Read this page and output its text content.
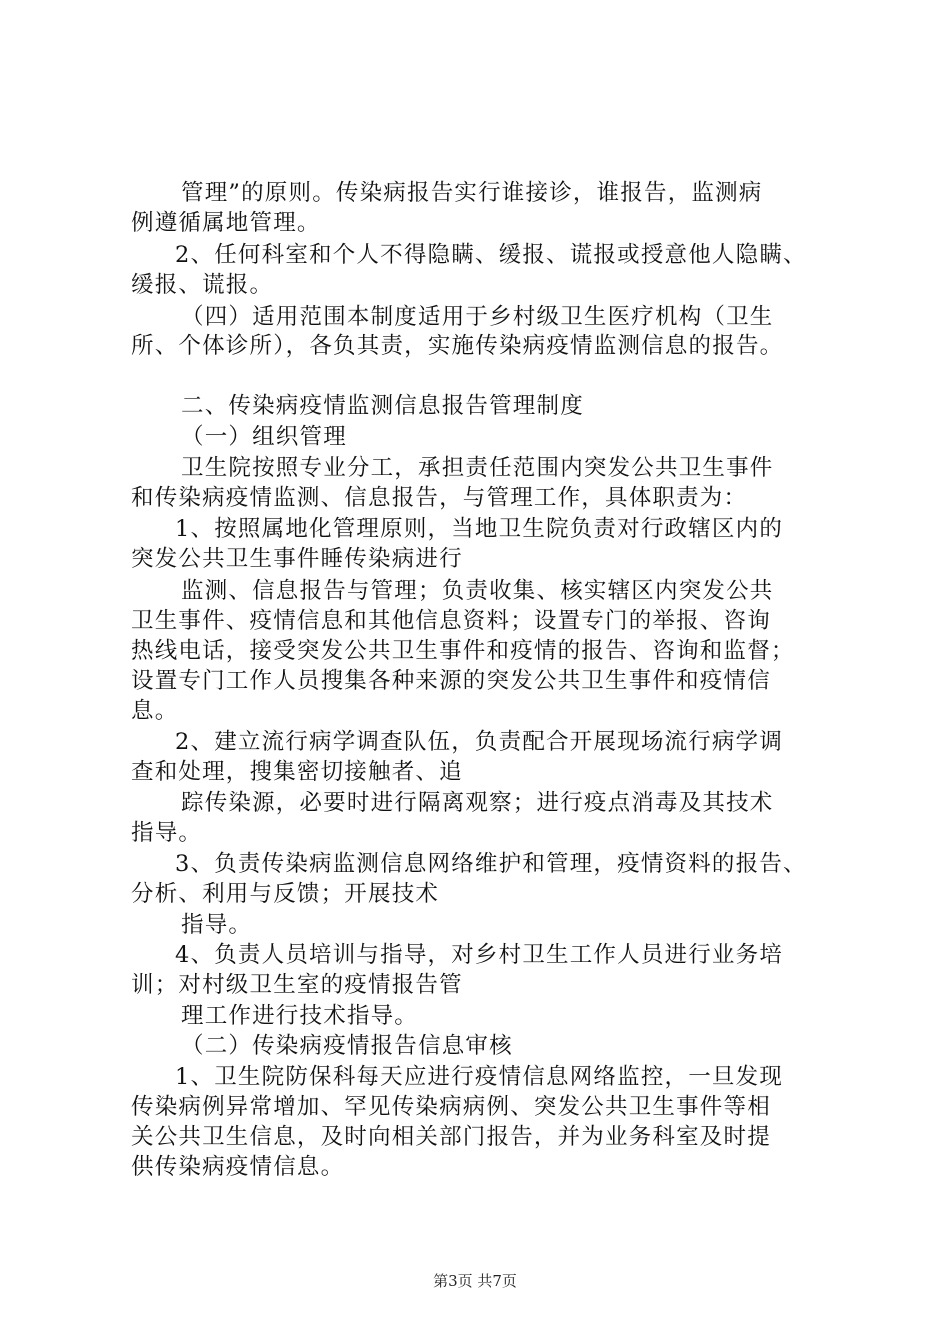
管理”的原则。传染病报告实行谁接诊，谁报告，监测病
例遵循属地管理。
2、任何科室和个人不得隐瞒、缓报、谎报或授意他人隐瞒、
缓报、谎报。
（四）适用范围本制度适用于乡村级卫生医疗机构（卫生
所、个体诊所），各负其责，实施传染病疫情监测信息的报告。
二、传染病疫情监测信息报告管理制度
（一）组织管理
卫生院按照专业分工，承担责任范围内突发公共卫生事件
和传染病疫情监测、信息报告，与管理工作，具体职责为：
1、按照属地化管理原则，当地卫生院负责对行政辖区内的
突发公共卫生事件睡传染病进行
监测、信息报告与管理；负责收集、核实辖区内突发公共
卫生事件、疫情信息和其他信息资料；设置专门的举报、咨询
热线电话，接受突发公共卫生事件和疫情的报告、咨询和监督；
设置专门工作人员搜集各种来源的突发公共卫生事件和疫情信
息。
2、建立流行病学调查队伍，负责配合开展现场流行病学调
查和处理，搜集密切接触者、追
踪传染源，必要时进行隔离观察；进行疫点消毒及其技术
指导。
3、负责传染病监测信息网络维护和管理，疫情资料的报告、
分析、利用与反馈；开展技术
指导。
4、负责人员培训与指导，对乡村卫生工作人员进行业务培
训；对村级卫生室的疫情报告管
理工作进行技术指导。
（二）传染病疫情报告信息审核
1、卫生院防保科每天应进行疫情信息网络监控，一旦发现
传染病例异常增加、罕见传染病病例、突发公共卫生事件等相
关公共卫生信息，及时向相关部门报告，并为业务科室及时提
供传染病疫情信息。
第3页 共7页
